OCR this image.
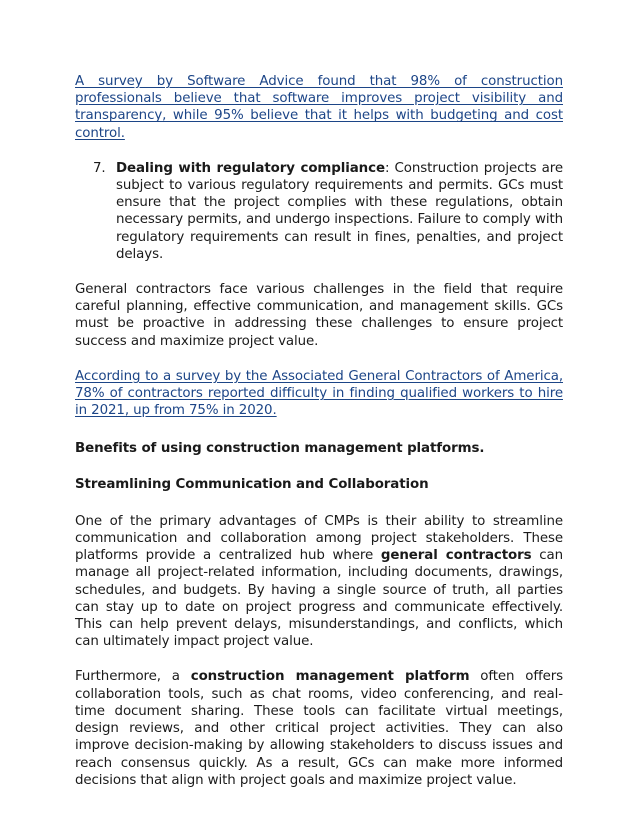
A survey by Software Advice found that 98% of construction professionals believe that software improves project visibility and transparency, while 95% believe that it helps with budgeting and cost control.

7. Dealing with regulatory compliance: Construction projects are subject to various regulatory requirements and permits. GCs must ensure that the project complies with these regulations, obtain necessary permits, and undergo inspections. Failure to comply with regulatory requirements can result in fines, penalties, and project delays.

General contractors face various challenges in the field that require careful planning, effective communication, and management skills. GCs must be proactive in addressing these challenges to ensure project success and maximize project value.

According to a survey by the Associated General Contractors of America, 78% of contractors reported difficulty in finding qualified workers to hire in 2021, up from 75% in 2020.

Benefits of using construction management platforms.

Streamlining Communication and Collaboration

One of the primary advantages of CMPs is their ability to streamline communication and collaboration among project stakeholders. These platforms provide a centralized hub where general contractors can manage all project-related information, including documents, drawings, schedules, and budgets. By having a single source of truth, all parties can stay up to date on project progress and communicate effectively. This can help prevent delays, misunderstandings, and conflicts, which can ultimately impact project value.

Furthermore, a construction management platform often offers collaboration tools, such as chat rooms, video conferencing, and real-time document sharing. These tools can facilitate virtual meetings, design reviews, and other critical project activities. They can also improve decision-making by allowing stakeholders to discuss issues and reach consensus quickly. As a result, GCs can make more informed decisions that align with project goals and maximize project value.
